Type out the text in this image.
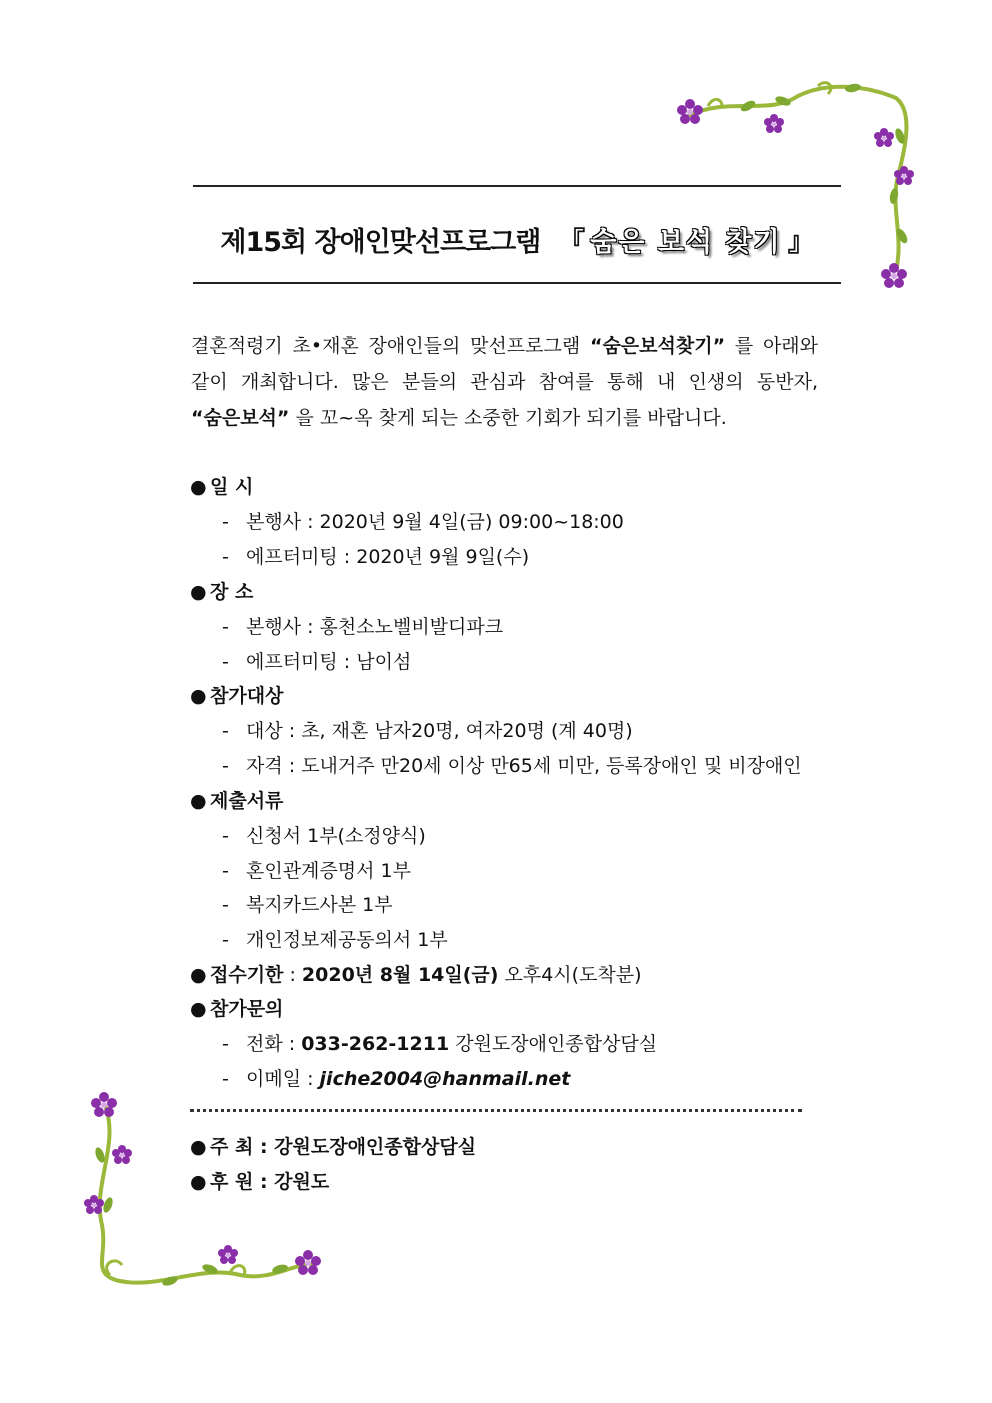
제15회 장애인맞선프로그램 『 숨은 보석 찾기 』
결혼적령기 초•재혼 장애인들의 맞선프로그램 “숨은보석찾기” 를 아래와 같이 개최합니다. 많은 분들의 관심과 참여를 통해 내 인생의 동반자, “숨은보석” 을 꼬~옥 찾게 되는 소중한 기회가 되기를 바랍니다.
● 일 시
- 본행사 : 2020년 9월 4일(금) 09:00~18:00
- 에프터미팅 : 2020년 9월 9일(수)
● 장 소
- 본행사 : 홍천소노벨비발디파크
- 에프터미팅 : 남이섬
● 참가대상
- 대상 : 초, 재혼 남자20명, 여자20명 (계 40명)
- 자격 : 도내거주 만20세 이상 만65세 미만, 등록장애인 및 비장애인
● 제출서류
- 신청서 1부(소정양식)
- 혼인관계증명서 1부
- 복지카드사본 1부
- 개인정보제공동의서 1부
● 접수기한 : 2020년 8월 14일(금) 오후4시(도착분)
● 참가문의
- 전화 : 033-262-1211 강원도장애인종합상담실
- 이메일 : jiche2004@hanmail.net
● 주 최 : 강원도장애인종합상담실
● 후 원 : 강원도
